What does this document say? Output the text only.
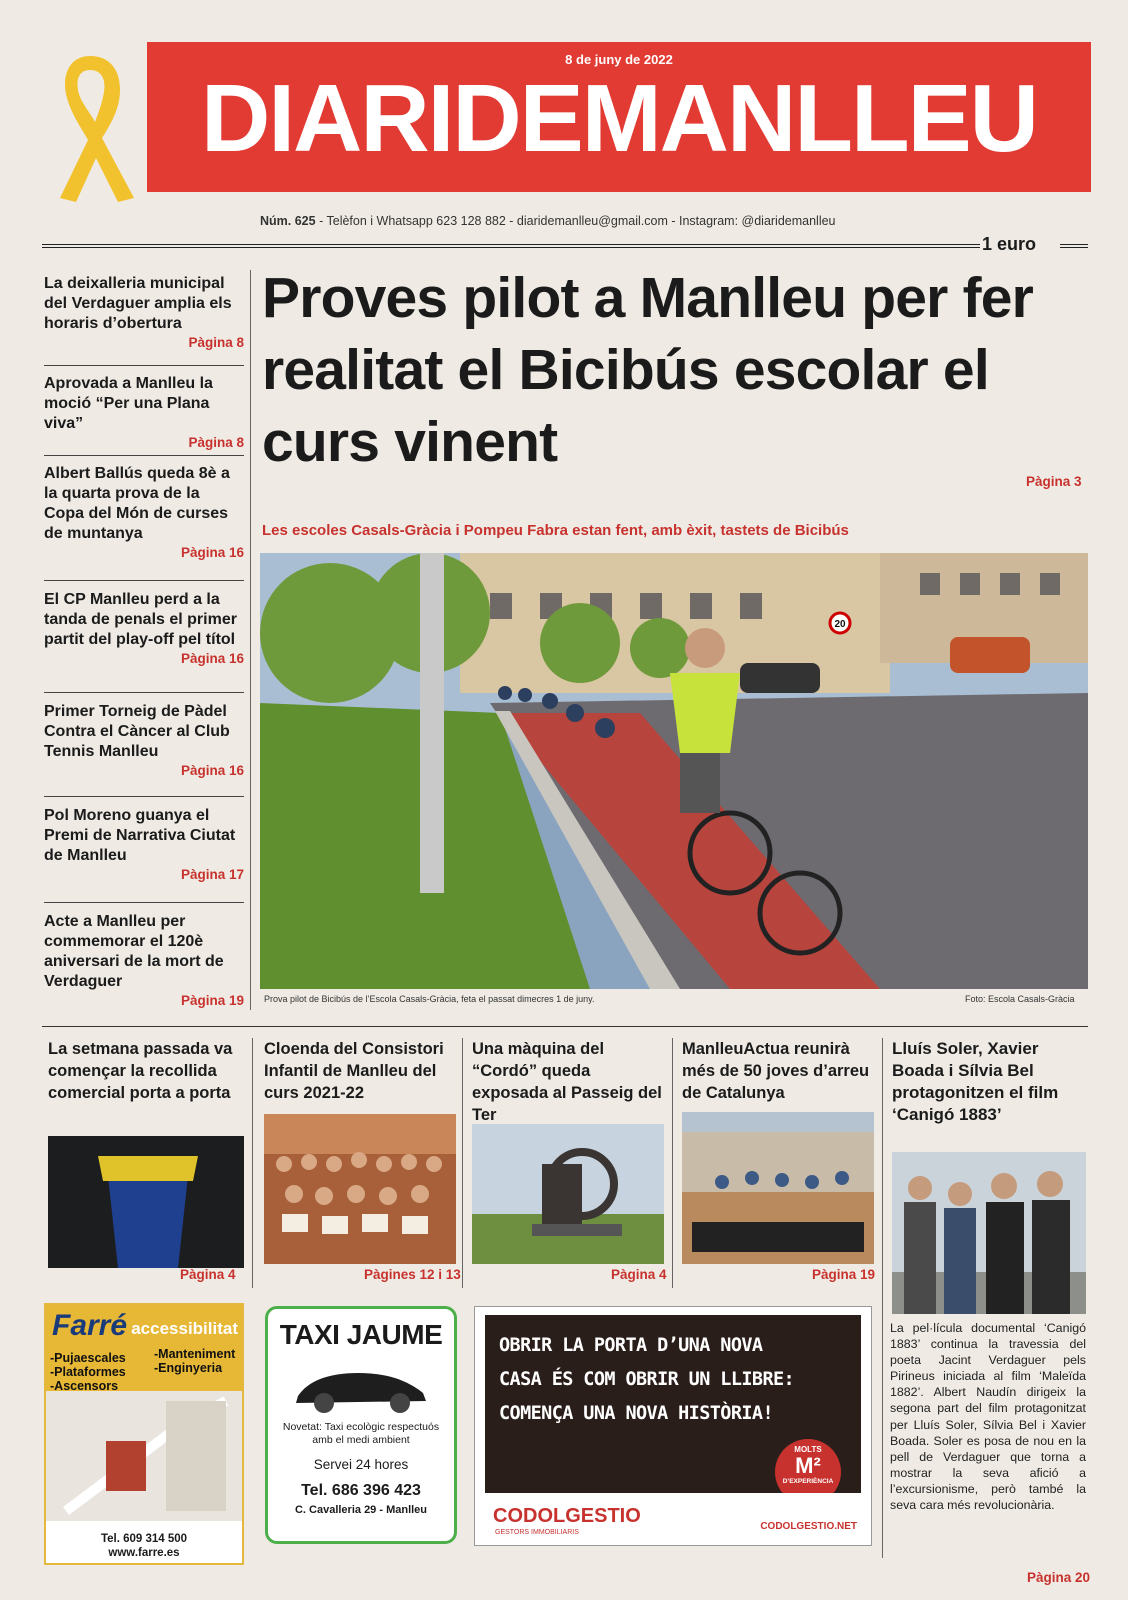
8 de juny de 2022
DIARIDEMANLLEU
Núm. 625 - Telèfon i Whatsapp 623 128 882 - diaridemanlleu@gmail.com - Instagram: @diaridemanlleu
1 euro
La deixalleria municipal del Verdaguer amplia els horaris d’obertura
Pàgina 8
Aprovada a Manlleu la moció “Per una Plana viva”
Pàgina 8
Albert Ballús queda 8è a la quarta prova de la Copa del Món de curses de muntanya
Pàgina 16
El CP Manlleu perd a la tanda de penals el primer partit del play-off pel títol
Pàgina 16
Primer Torneig de Pàdel Contra el Càncer al Club Tennis Manlleu
Pàgina 16
Pol Moreno guanya el Premi de Narrativa Ciutat de Manlleu
Pàgina 17
Acte a Manlleu per commemorar el 120è aniversari de la mort de Verdaguer
Pàgina 19
Proves pilot a Manlleu per fer realitat el Bicibús escolar el curs vinent
Pàgina 3
Les escoles Casals-Gràcia i Pompeu Fabra estan fent, amb èxit, tastets de Bicibús
20
Prova pilot de Bicibús de l’Escola Casals-Gràcia, feta el passat dimecres 1 de juny.	Foto: Escola Casals-Gràcia
La setmana passada va començar la recollida comercial porta a porta
Pàgina 4
Cloenda del Consistori Infantil de Manlleu del curs 2021-22
Pàgines 12 i 13
Una màquina del “Cordó” queda exposada al Passeig del Ter
Pàgina 4
ManlleuActua reunirà més de 50 joves d’arreu de Catalunya
Pàgina 19
Lluís Soler, Xavier Boada i Sílvia Bel protagonitzen el film ‘Canigó 1883’
La pel·lícula documental ‘Canigó 1883’ continua la travessia del poeta Jacint Verdaguer pels Pirineus iniciada al film ‘Maleïda 1882’. Albert Naudín dirigeix la segona part del film protagonitzat per Lluís Soler, Sílvia Bel i Xavier Boada. Soler es posa de nou en la pell de Verdaguer que torna a mostrar la seva afició a l’excursionisme, però també la seva cara més revolucionària.
Pàgina 20
Farré accessibilitat
-Pujaescales
-Plataformes
-Ascensors
-Manteniment
-Enginyeria
Tel. 609 314 500
www.farre.es
TAXI JAUME
Novetat: Taxi ecològic respectuós amb el medi ambient
Servei 24 hores
Tel. 686 396 423
C. Cavalleria 29 - Manlleu
OBRIR LA PORTA D’UNA NOVA
CASA ÉS COM OBRIR UN LLIBRE:
COMENÇA UNA NOVA HISTÒRIA!
MOLTS
M²
D’EXPERIÈNCIA
CODOLGESTIO
GESTORS IMMOBILIARIS
CODOLGESTIO.NET
